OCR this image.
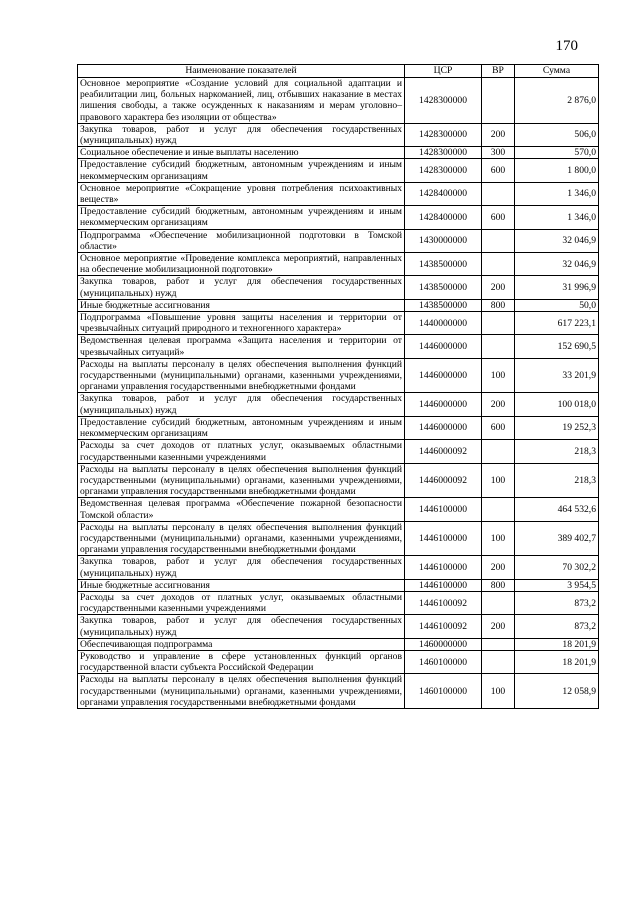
170
Наименование показателей	ЦСР	ВР	Сумма
Основное мероприятие «Создание условий для социальной адаптации и реабилитации лиц, больных наркоманией, лиц, отбывших наказание в местах лишения свободы, а также осужденных к наказаниям и мерам уголовно–правового характера без изоляции от общества»	1428300000		2 876,0
Закупка товаров, работ и услуг для обеспечения государственных (муниципальных) нужд	1428300000	200	506,0
Социальное обеспечение и иные выплаты населению	1428300000	300	570,0
Предоставление субсидий бюджетным, автономным учреждениям и иным некоммерческим организациям	1428300000	600	1 800,0
Основное мероприятие «Сокращение уровня потребления психоактивных веществ»	1428400000		1 346,0
Предоставление субсидий бюджетным, автономным учреждениям и иным некоммерческим организациям	1428400000	600	1 346,0
Подпрограмма «Обеспечение мобилизационной подготовки в Томской области»	1430000000		32 046,9
Основное мероприятие «Проведение комплекса мероприятий, направленных на обеспечение мобилизационной подготовки»	1438500000		32 046,9
Закупка товаров, работ и услуг для обеспечения государственных (муниципальных) нужд	1438500000	200	31 996,9
Иные бюджетные ассигнования	1438500000	800	50,0
Подпрограмма «Повышение уровня защиты населения и территории от чрезвычайных ситуаций природного и техногенного характера»	1440000000		617 223,1
Ведомственная целевая программа «Защита населения и территории от чрезвычайных ситуаций»	1446000000		152 690,5
Расходы на выплаты персоналу в целях обеспечения выполнения функций государственными (муниципальными) органами, казенными учреждениями, органами управления государственными внебюджетными фондами	1446000000	100	33 201,9
Закупка товаров, работ и услуг для обеспечения государственных (муниципальных) нужд	1446000000	200	100 018,0
Предоставление субсидий бюджетным, автономным учреждениям и иным некоммерческим организациям	1446000000	600	19 252,3
Расходы за счет доходов от платных услуг, оказываемых областными государственными казенными учреждениями	1446000092		218,3
Расходы на выплаты персоналу в целях обеспечения выполнения функций государственными (муниципальными) органами, казенными учреждениями, органами управления государственными внебюджетными фондами	1446000092	100	218,3
Ведомственная целевая программа «Обеспечение пожарной безопасности Томской области»	1446100000		464 532,6
Расходы на выплаты персоналу в целях обеспечения выполнения функций государственными (муниципальными) органами, казенными учреждениями, органами управления государственными внебюджетными фондами	1446100000	100	389 402,7
Закупка товаров, работ и услуг для обеспечения государственных (муниципальных) нужд	1446100000	200	70 302,2
Иные бюджетные ассигнования	1446100000	800	3 954,5
Расходы за счет доходов от платных услуг, оказываемых областными государственными казенными учреждениями	1446100092		873,2
Закупка товаров, работ и услуг для обеспечения государственных (муниципальных) нужд	1446100092	200	873,2
Обеспечивающая подпрограмма	1460000000		18 201,9
Руководство и управление в сфере установленных функций органов государственной власти субъекта Российской Федерации	1460100000		18 201,9
Расходы на выплаты персоналу в целях обеспечения выполнения функций государственными (муниципальными) органами, казенными учреждениями, органами управления государственными внебюджетными фондами	1460100000	100	12 058,9
